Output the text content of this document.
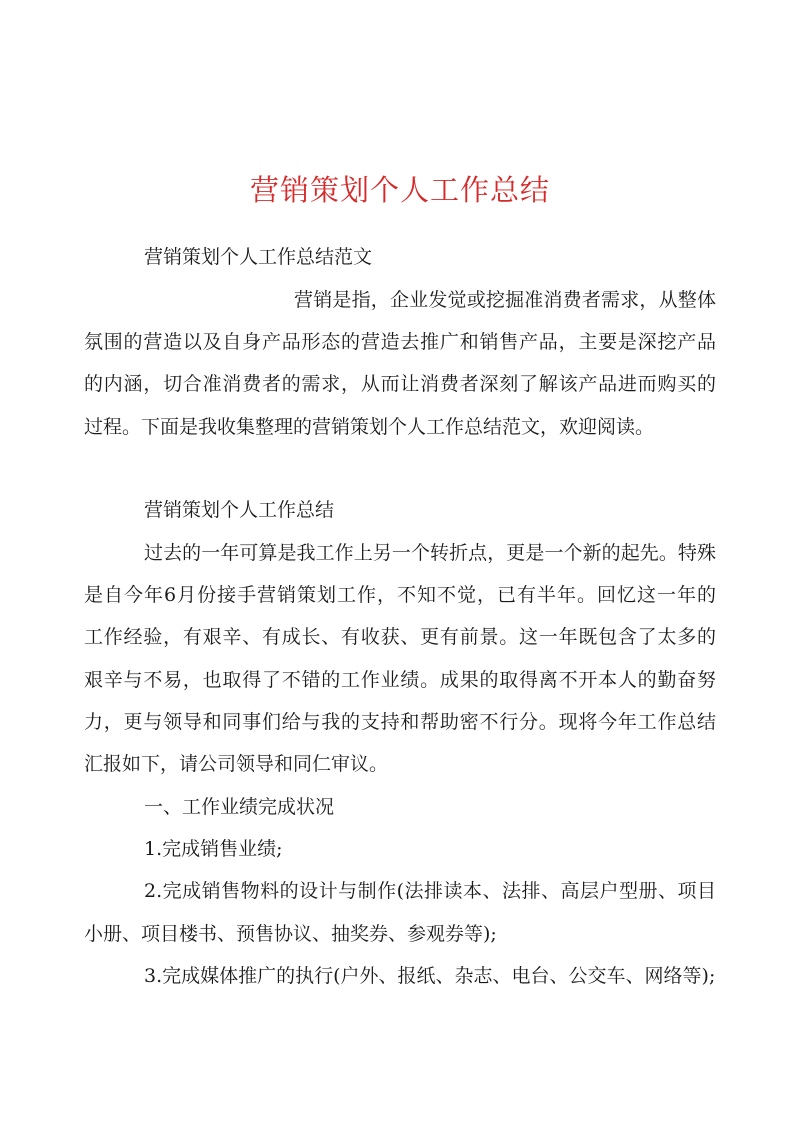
营销策划个人工作总结

营销策划个人工作总结范文

营销是指，企业发觉或挖掘准消费者需求，从整体

氛围的营造以及自身产品形态的营造去推广和销售产品，主要是深挖产品

的内涵，切合准消费者的需求，从而让消费者深刻了解该产品进而购买的

过程。下面是我收集整理的营销策划个人工作总结范文，欢迎阅读。

营销策划个人工作总结

过去的一年可算是我工作上另一个转折点，更是一个新的起先。特殊

是自今年6月份接手营销策划工作，不知不觉，已有半年。回忆这一年的

工作经验，有艰辛、有成长、有收获、更有前景。这一年既包含了太多的

艰辛与不易，也取得了不错的工作业绩。成果的取得离不开本人的勤奋努

力，更与领导和同事们给与我的支持和帮助密不行分。现将今年工作总结

汇报如下，请公司领导和同仁审议。

一、工作业绩完成状况

1.完成销售业绩;

2.完成销售物料的设计与制作(法排读本、法排、高层户型册、项目

小册、项目楼书、预售协议、抽奖券、参观券等);

3.完成媒体推广的执行(户外、报纸、杂志、电台、公交车、网络等);
